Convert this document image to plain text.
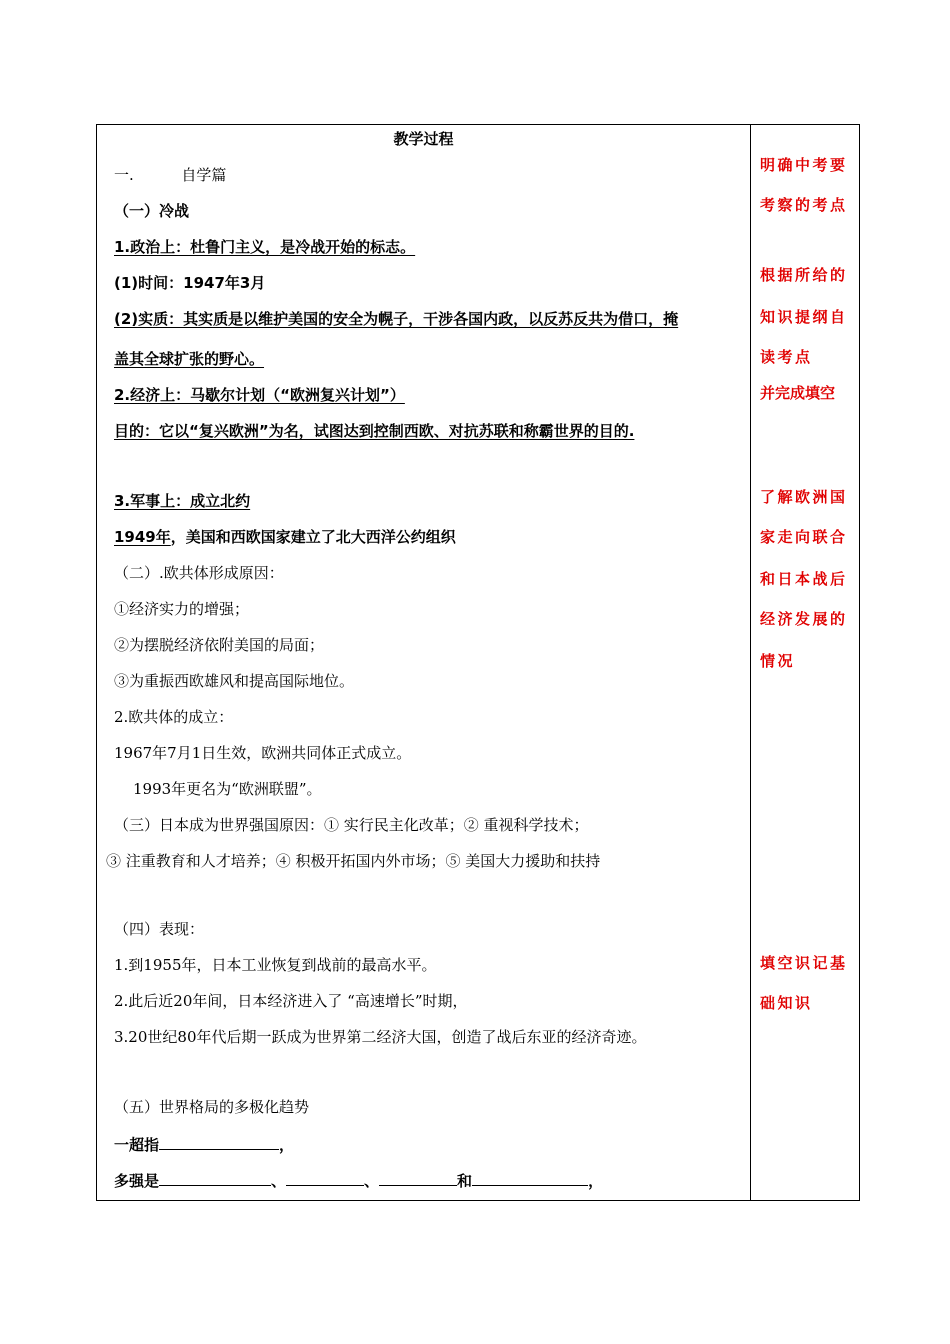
教学过程
一.	自学篇
（一）冷战
1.政治上：杜鲁门主义，是冷战开始的标志。
(1)时间：1947年3月
(2)实质：其实质是以维护美国的安全为幌子，干涉各国内政，以反苏反共为借口，掩
盖其全球扩张的野心。
2.经济上：马歇尔计划（“欧洲复兴计划”）
目的：它以“复兴欧洲”为名，试图达到控制西欧、对抗苏联和称霸世界的目的.
3.军事上：成立北约
1949年，美国和西欧国家建立了北大西洋公约组织
（二）.欧共体形成原因：
①经济实力的增强；
②为摆脱经济依附美国的局面；
③为重振西欧雄风和提高国际地位。
2.欧共体的成立：
1967年7月1日生效，欧洲共同体正式成立。
1993年更名为“欧洲联盟”。
（三）日本成为世界强国原因：① 实行民主化改革；② 重视科学技术；
③ 注重教育和人才培养；④ 积极开拓国内外市场；⑤ 美国大力援助和扶持
（四）表现：
1.到1955年，日本工业恢复到战前的最高水平。
2.此后近20年间，日本经济进入了 “高速增长”时期，
3.20世纪80年代后期一跃成为世界第二经济大国，创造了战后东亚的经济奇迹。
（五）世界格局的多极化趋势
一超指	，
多强是	、	、	和	，
明确中考要
考察的考点
根据所给的
知识提纲自
读考点
并完成填空
了解欧洲国
家走向联合
和日本战后
经济发展的
情况
填空识记基
础知识
